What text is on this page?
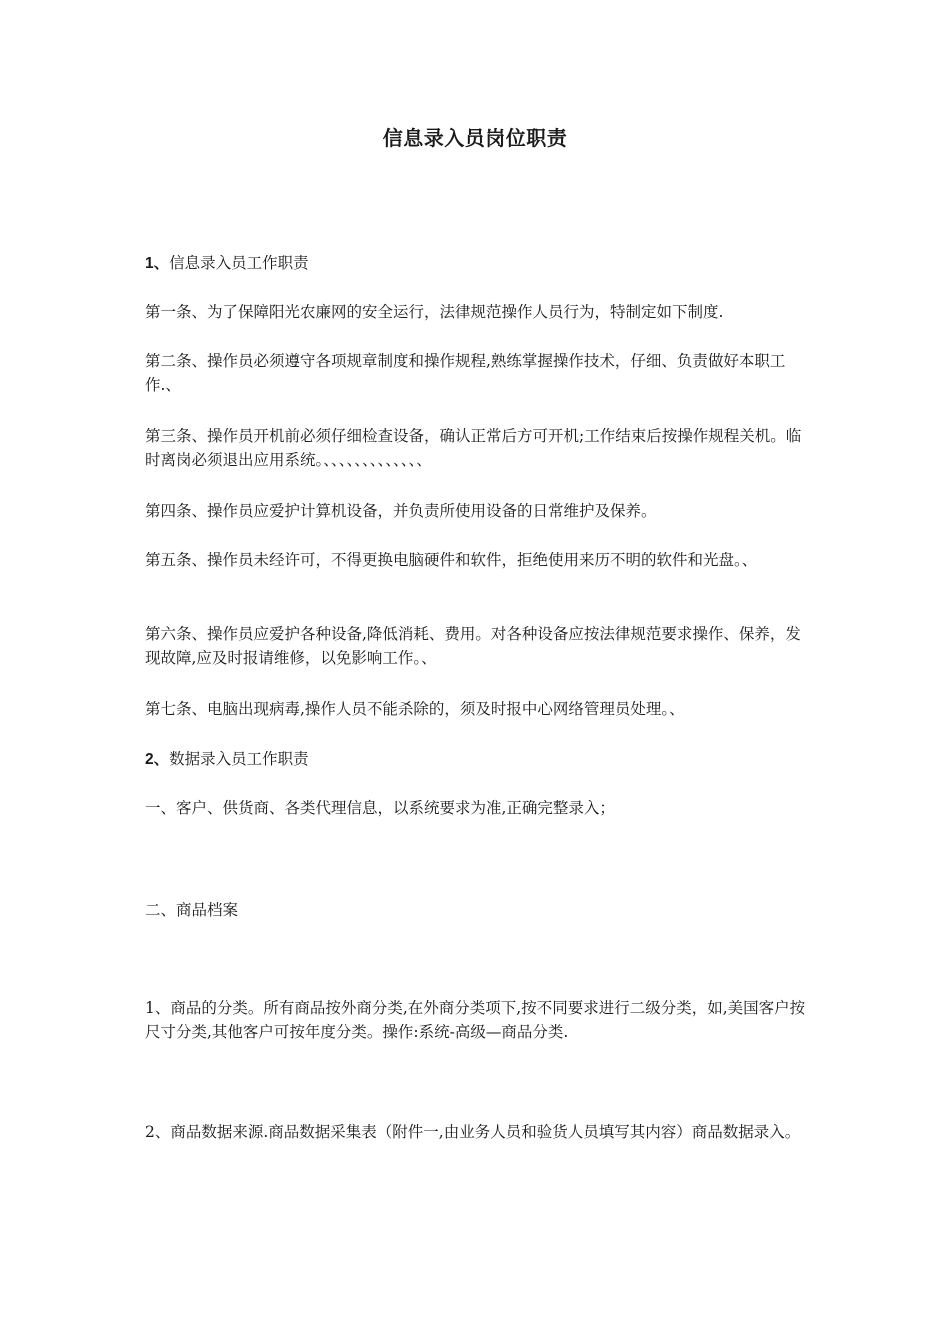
信息录入员岗位职责
1、信息录入员工作职责
第一条、为了保障阳光农廉网的安全运行，法律规范操作人员行为，特制定如下制度.
第二条、操作员必须遵守各项规章制度和操作规程,熟练掌握操作技术，仔细、负责做好本职工作.、
第三条、操作员开机前必须仔细检查设备，确认正常后方可开机;工作结束后按操作规程关机。临时离岗必须退出应用系统。、、、、、、、、、、、、、
第四条、操作员应爱护计算机设备，并负责所使用设备的日常维护及保养。
第五条、操作员未经许可，不得更换电脑硬件和软件，拒绝使用来历不明的软件和光盘。、
第六条、操作员应爱护各种设备,降低消耗、费用。对各种设备应按法律规范要求操作、保养，发现故障,应及时报请维修，以免影响工作。、
第七条、电脑出现病毒,操作人员不能杀除的，须及时报中心网络管理员处理。、
2、数据录入员工作职责
一、客户、供货商、各类代理信息，以系统要求为准,正确完整录入；
二、商品档案
1、商品的分类。所有商品按外商分类,在外商分类项下,按不同要求进行二级分类，如,美国客户按尺寸分类,其他客户可按年度分类。操作:系统-高级—商品分类.
2、商品数据来源.商品数据采集表（附件一,由业务人员和验货人员填写其内容）商品数据录入。
